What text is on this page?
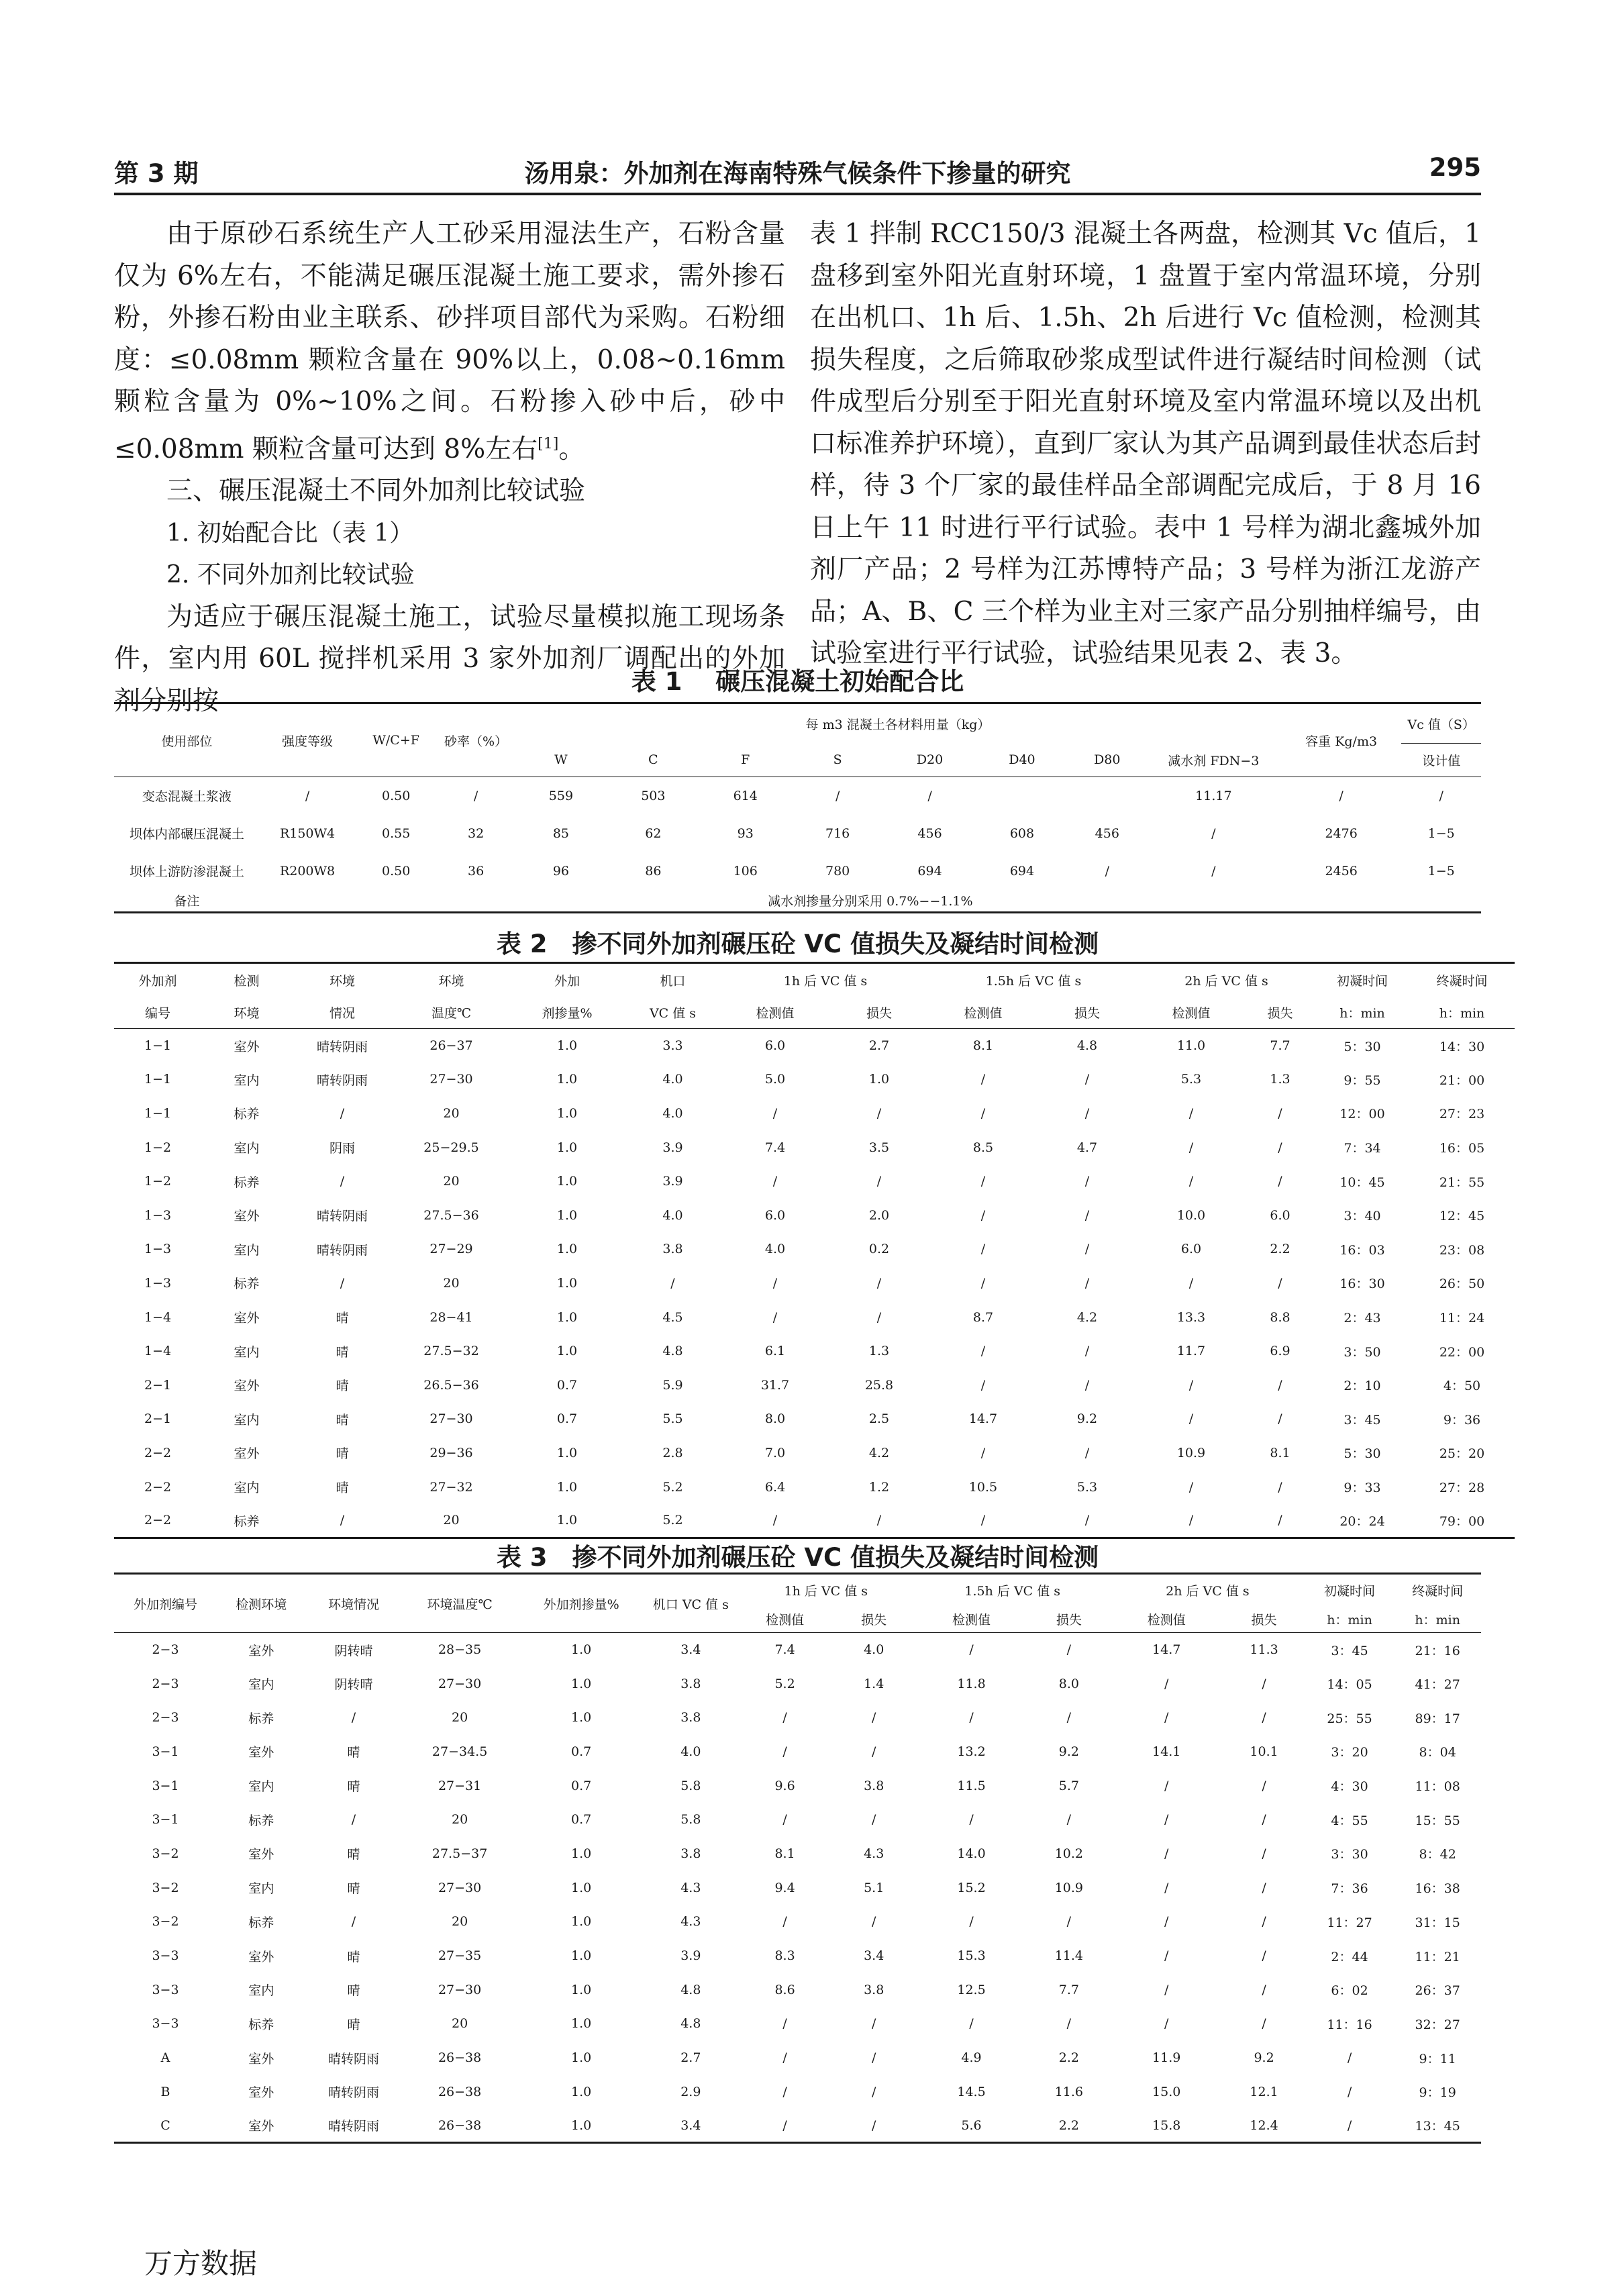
第 3 期	汤用泉：外加剂在海南特殊气候条件下掺量的研究	295

由于原砂石系统生产人工砂采用湿法生产，石粉含量仅为 6%左右，不能满足碾压混凝土施工要求，需外掺石粉，外掺石粉由业主联系、砂拌项目部代为采购。石粉细度：≤0.08mm 颗粒含量在 90%以上，0.08~0.16mm 颗粒含量为 0%~10%之间。石粉掺入砂中后，砂中≤0.08mm 颗粒含量可达到 8%左右[1]。

三、碾压混凝土不同外加剂比较试验

1. 初始配合比（表 1）

2. 不同外加剂比较试验

为适应于碾压混凝土施工，试验尽量模拟施工现场条件，室内用 60L 搅拌机采用 3 家外加剂厂调配出的外加剂分别按

表 1 拌制 RCC150/3 混凝土各两盘，检测其 Vc 值后，1 盘移到室外阳光直射环境，1 盘置于室内常温环境，分别在出机口、1h 后、1.5h、2h 后进行 Vc 值检测，检测其损失程度，之后筛取砂浆成型试件进行凝结时间检测（试件成型后分别至于阳光直射环境及室内常温环境以及出机口标准养护环境），直到厂家认为其产品调到最佳状态后封样，待 3 个厂家的最佳样品全部调配完成后，于 8 月 16 日上午 11 时进行平行试验。表中 1 号样为湖北鑫城外加剂厂产品；2 号样为江苏博特产品；3 号样为浙江龙游产品；A、B、C 三个样为业主对三家产品分别抽样编号，由试验室进行平行试验，试验结果见表 2、表 3。

表 1　 碾压混凝土初始配合比
使用部位	强度等级	W/C+F	砂率（%）	每 m3 混凝土各材料用量（kg）								容重 Kg/m3	Vc 值（S）
				W	C	F	S	D20	D40	D80	减水剂 FDN−3		设计值
变态混凝土浆液	/	0.50	/	559	503	614	/	/			11.17	/	/
坝体内部碾压混凝土	R150W4	0.55	32	85	62	93	716	456	608	456	/	2476	1−5
坝体上游防渗混凝土	R200W8	0.50	36	96	86	106	780	694	694	/	/	2456	1−5
备注	减水剂掺量分别采用 0.7%−−1.1%												
表 2　掺不同外加剂碾压砼 VC 值损失及凝结时间检测
外加剂	检测	环境	环境	外加	机口	1h 后 VC 值 s		1.5h 后 VC 值 s		2h 后 VC 值 s		初凝时间	终凝时间
编号	环境	情况	温度℃	剂掺量%	VC 值 s	检测值	损失	检测值	损失	检测值	损失	h：min	h：min
1−1	室外	晴转阴雨	26−37	1.0	3.3	6.0	2.7	8.1	4.8	11.0	7.7	5：30	14：30
1−1	室内	晴转阴雨	27−30	1.0	4.0	5.0	1.0	/	/	5.3	1.3	9：55	21：00
1−1	标养	/	20	1.0	4.0	/	/	/	/	/	/	12：00	27：23
1−2	室内	阴雨	25−29.5	1.0	3.9	7.4	3.5	8.5	4.7	/	/	7：34	16：05
1−2	标养	/	20	1.0	3.9	/	/	/	/	/	/	10：45	21：55
1−3	室外	晴转阴雨	27.5−36	1.0	4.0	6.0	2.0	/	/	10.0	6.0	3：40	12：45
1−3	室内	晴转阴雨	27−29	1.0	3.8	4.0	0.2	/	/	6.0	2.2	16：03	23：08
1−3	标养	/	20	1.0	/	/	/	/	/	/	/	16：30	26：50
1−4	室外	晴	28−41	1.0	4.5	/	/	8.7	4.2	13.3	8.8	2：43	11：24
1−4	室内	晴	27.5−32	1.0	4.8	6.1	1.3	/	/	11.7	6.9	3：50	22：00
2−1	室外	晴	26.5−36	0.7	5.9	31.7	25.8	/	/	/	/	2：10	4：50
2−1	室内	晴	27−30	0.7	5.5	8.0	2.5	14.7	9.2	/	/	3：45	9：36
2−2	室外	晴	29−36	1.0	2.8	7.0	4.2	/	/	10.9	8.1	5：30	25：20
2−2	室内	晴	27−32	1.0	5.2	6.4	1.2	10.5	5.3	/	/	9：33	27：28
2−2	标养	/	20	1.0	5.2	/	/	/	/	/	/	20：24	79：00
表 3　掺不同外加剂碾压砼 VC 值损失及凝结时间检测
外加剂编号	检测环境	环境情况	环境温度℃	外加剂掺量%	机口 VC 值 s	1h 后 VC 值 s		1.5h 后 VC 值 s		2h 后 VC 值 s		初凝时间	终凝时间
						检测值	损失	检测值	损失	检测值	损失	h：min	h：min
2−3	室外	阴转晴	28−35	1.0	3.4	7.4	4.0	/	/	14.7	11.3	3：45	21：16
2−3	室内	阴转晴	27−30	1.0	3.8	5.2	1.4	11.8	8.0	/	/	14：05	41：27
2−3	标养	/	20	1.0	3.8	/	/	/	/	/	/	25：55	89：17
3−1	室外	晴	27−34.5	0.7	4.0	/	/	13.2	9.2	14.1	10.1	3：20	8：04
3−1	室内	晴	27−31	0.7	5.8	9.6	3.8	11.5	5.7	/	/	4：30	11：08
3−1	标养	/	20	0.7	5.8	/	/	/	/	/	/	4：55	15：55
3−2	室外	晴	27.5−37	1.0	3.8	8.1	4.3	14.0	10.2	/	/	3：30	8：42
3−2	室内	晴	27−30	1.0	4.3	9.4	5.1	15.2	10.9	/	/	7：36	16：38
3−2	标养	/	20	1.0	4.3	/	/	/	/	/	/	11：27	31：15
3−3	室外	晴	27−35	1.0	3.9	8.3	3.4	15.3	11.4	/	/	2：44	11：21
3−3	室内	晴	27−30	1.0	4.8	8.6	3.8	12.5	7.7	/	/	6：02	26：37
3−3	标养	晴	20	1.0	4.8	/	/	/	/	/	/	11：16	32：27
A	室外	晴转阴雨	26−38	1.0	2.7	/	/	4.9	2.2	11.9	9.2	/	9：11
B	室外	晴转阴雨	26−38	1.0	2.9	/	/	14.5	11.6	15.0	12.1	/	9：19
C	室外	晴转阴雨	26−38	1.0	3.4	/	/	5.6	2.2	15.8	12.4	/	13：45
万方数据
